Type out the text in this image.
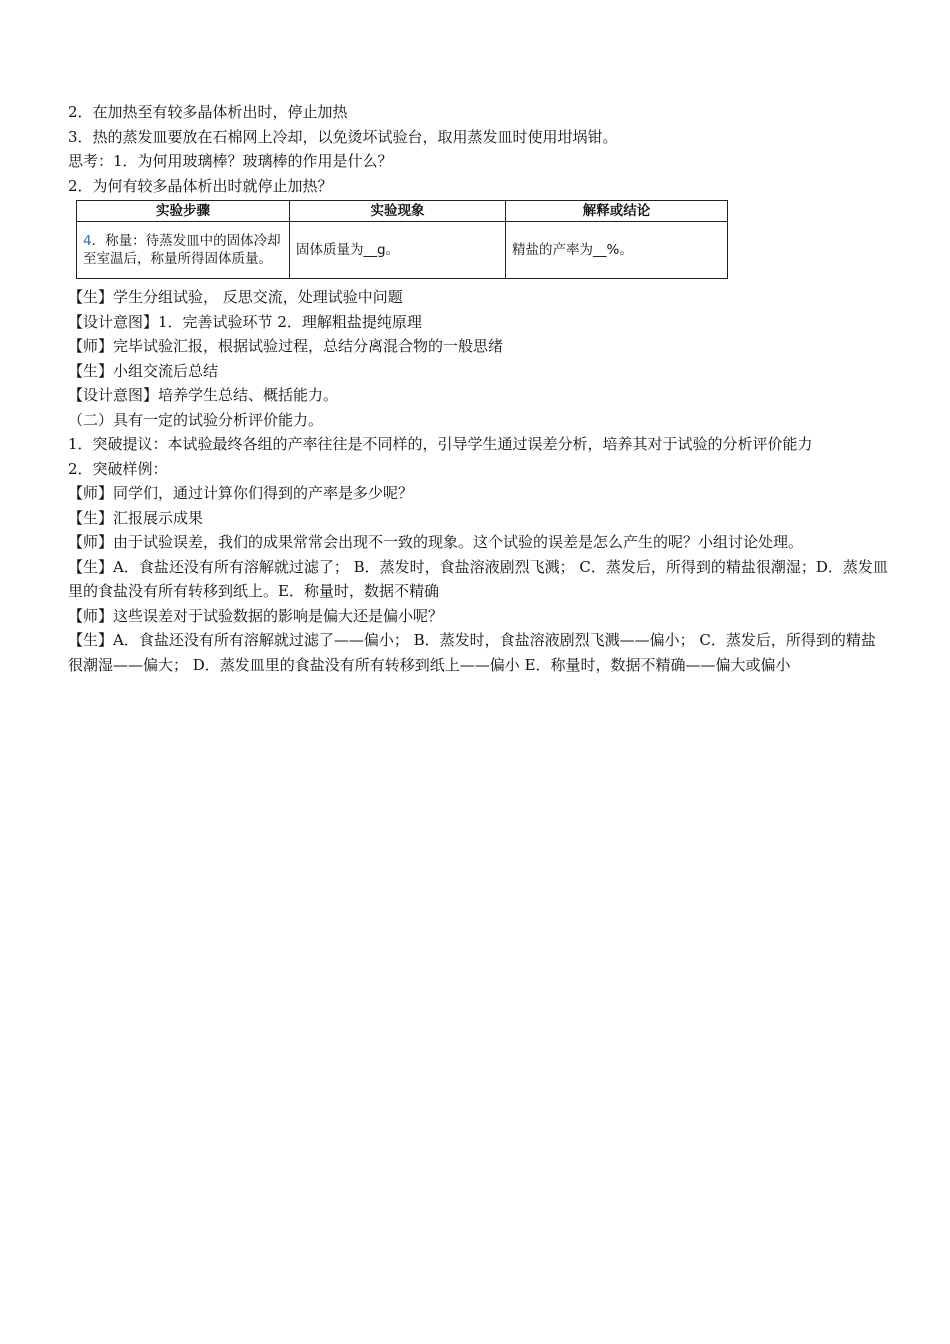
2．在加热至有较多晶体析出时，停止加热

3．热的蒸发皿要放在石棉网上冷却，以免烫坏试验台，取用蒸发皿时使用坩埚钳。

思考：1．为何用玻璃棒？玻璃棒的作用是什么？

2．为何有较多晶体析出时就停止加热？

实验步骤	实验现象	解释或结论
4．称量：待蒸发皿中的固体冷却至室温后，称量所得固体质量。	固体质量为__g。	精盐的产率为__%。

【生】学生分组试验， 反思交流，处理试验中问题

【设计意图】1．完善试验环节 2．理解粗盐提纯原理

【师】完毕试验汇报，根据试验过程，总结分离混合物的一般思绪

【生】小组交流后总结

【设计意图】培养学生总结、概括能力。

（二）具有一定的试验分析评价能力。

1．突破提议：本试验最终各组的产率往往是不同样的，引导学生通过误差分析，培养其对于试验的分析评价能力

2．突破样例：

【师】同学们，通过计算你们得到的产率是多少呢？

【生】汇报展示成果

【师】由于试验误差，我们的成果常常会出现不一致的现象。这个试验的误差是怎么产生的呢？小组讨论处理。

【生】A．食盐还没有所有溶解就过滤了； B．蒸发时，食盐溶液剧烈飞溅； C．蒸发后，所得到的精盐很潮湿；D．蒸发皿里的食盐没有所有转移到纸上。E．称量时，数据不精确

【师】这些误差对于试验数据的影响是偏大还是偏小呢？

【生】A．食盐还没有所有溶解就过滤了——偏小； B．蒸发时，食盐溶液剧烈飞溅——偏小； C．蒸发后，所得到的精盐很潮湿——偏大； D．蒸发皿里的食盐没有所有转移到纸上——偏小 E．称量时，数据不精确——偏大或偏小
